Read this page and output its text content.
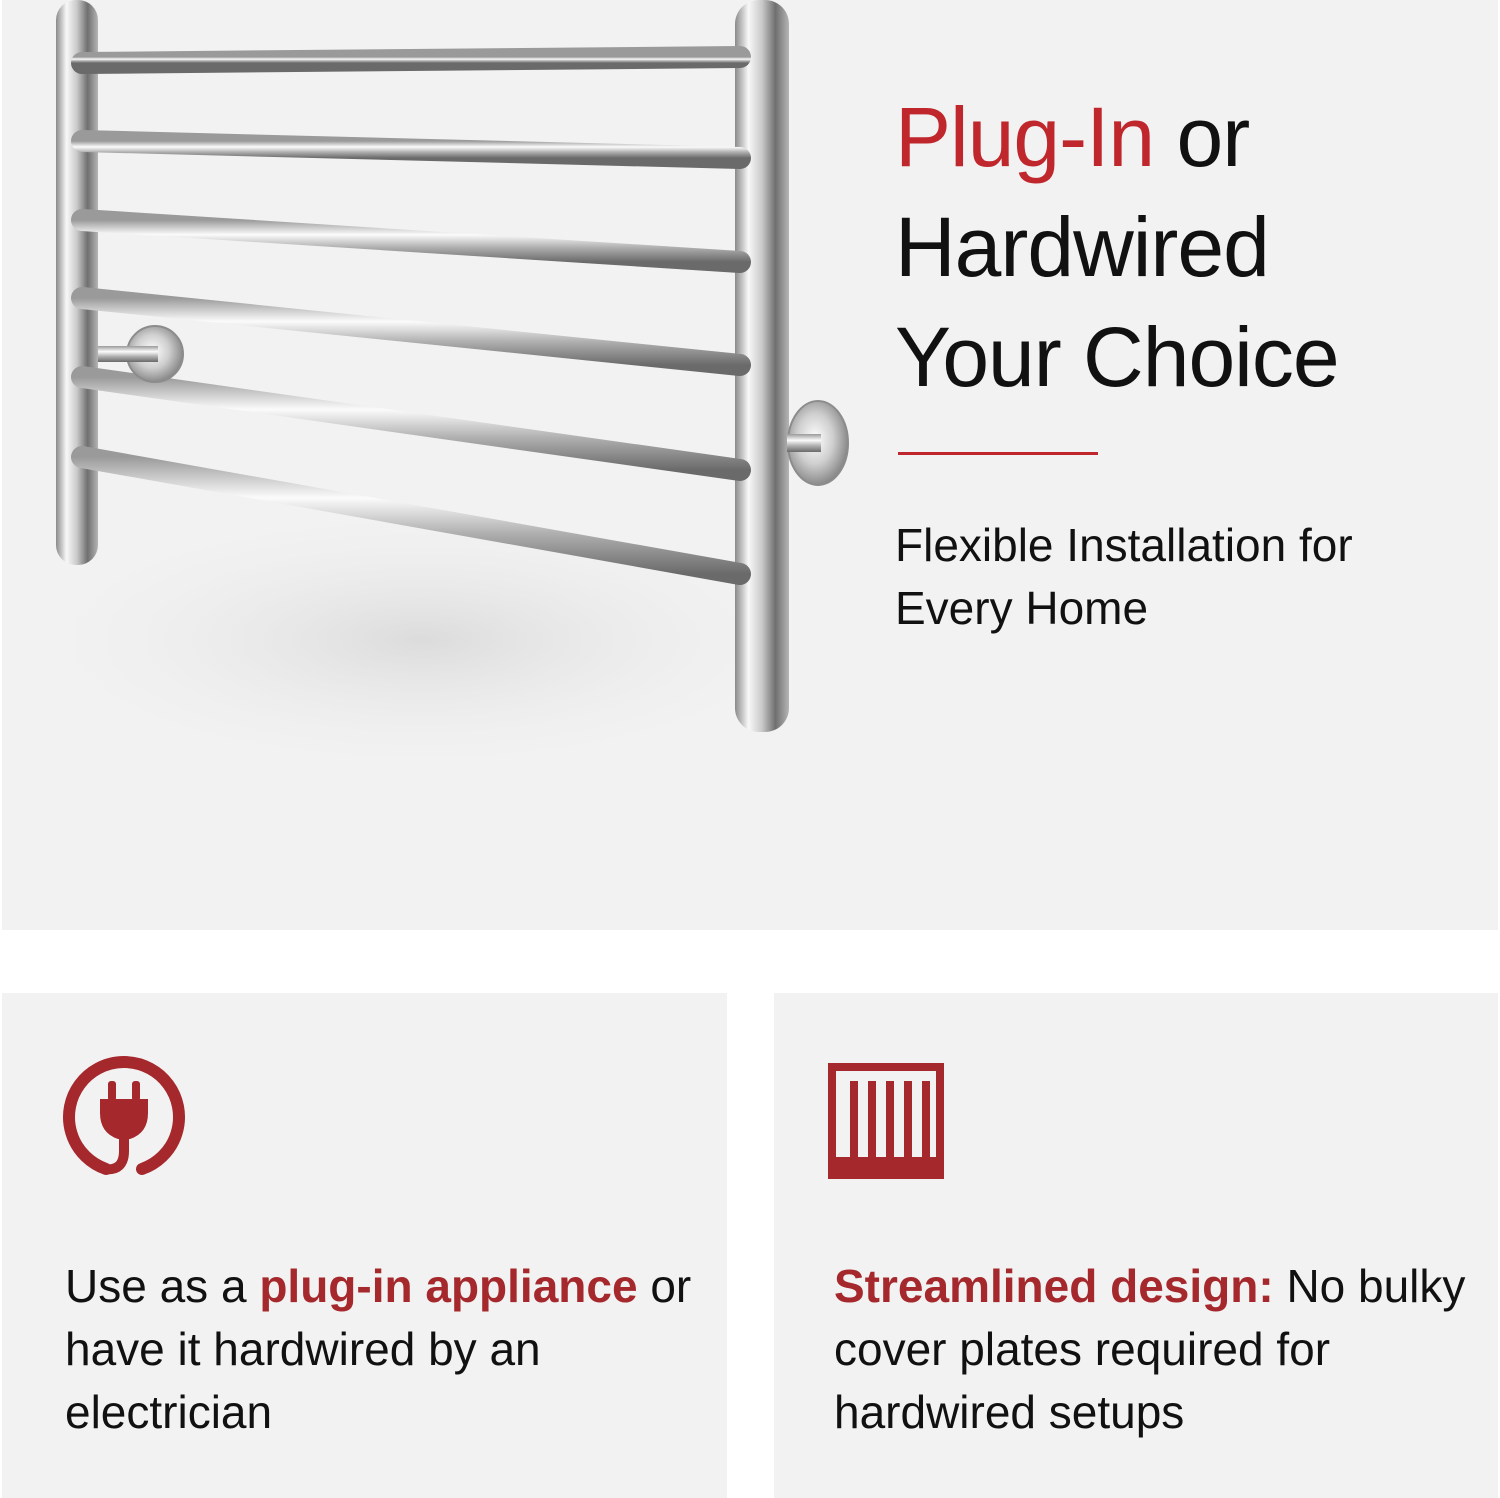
Plug-In or
Hardwired
Your Choice

Flexible Installation for Every Home

Use as a plug-in appliance or have it hardwired by an electrician

Streamlined design: No bulky cover plates required for hardwired setups
